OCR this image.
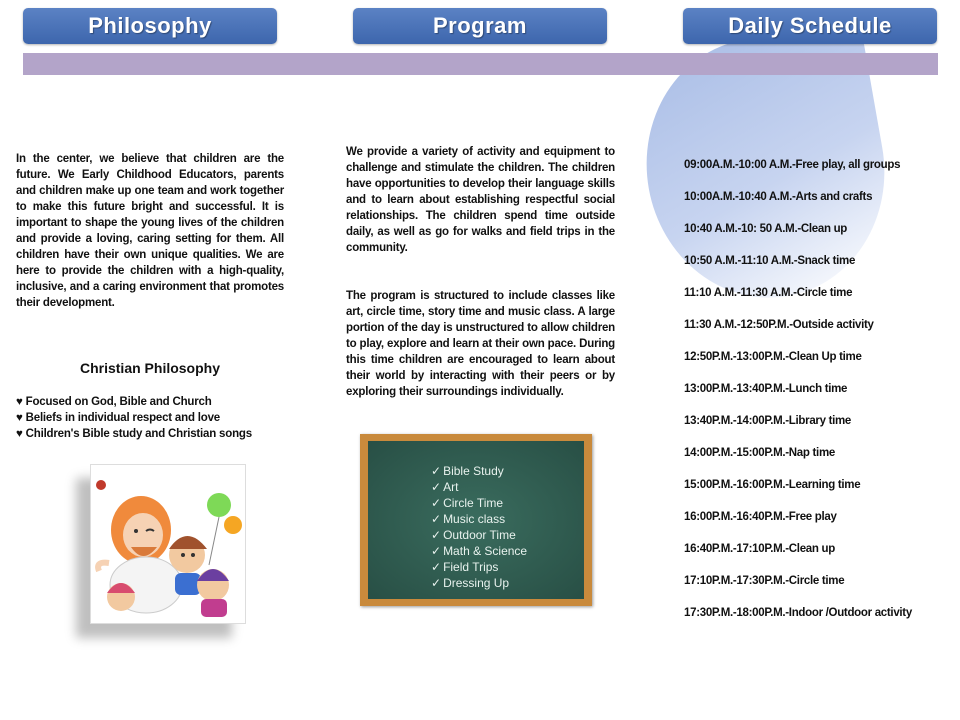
Philosophy	Program	Daily Schedule
In the center, we believe that children are the future. We Early Childhood Educators, parents and children make up one team and work together to make this future bright and successful. It is important to shape the young lives of the children and provide a loving, caring setting for them. All children have their own unique qualities. We are here to provide the children with a high-quality, inclusive, and a caring environment that promotes their development.
Christian Philosophy
♥ Focused on God, Bible and Church
♥ Beliefs in individual respect and love
♥ Children's Bible study and Christian songs
We provide a variety of activity and equipment to challenge and stimulate the children. The children have opportunities to develop their language skills and to learn about establishing respectful social relationships. The children spend time outside daily, as well as go for walks and field trips in the community.
The program is structured to include classes like art, circle time, story time and music class. A large portion of the day is unstructured to allow children to play, explore and learn at their own pace. During this time children are encouraged to learn about their world by interacting with their peers or by exploring their surroundings individually.
✓ Bible Study
✓ Art
✓ Circle Time
✓ Music class
✓ Outdoor Time
✓ Math & Science
✓ Field Trips
✓ Dressing Up
09:00A.M.-10:00 A.M.-Free play, all groups
10:00A.M.-10:40 A.M.-Arts and crafts
10:40 A.M.-10: 50 A.M.-Clean up
10:50 A.M.-11:10 A.M.-Snack time
11:10 A.M.-11:30 A.M.-Circle time
11:30 A.M.-12:50P.M.-Outside activity
12:50P.M.-13:00P.M.-Clean Up time
13:00P.M.-13:40P.M.-Lunch time
13:40P.M.-14:00P.M.-Library time
14:00P.M.-15:00P.M.-Nap time
15:00P.M.-16:00P.M.-Learning time
16:00P.M.-16:40P.M.-Free play
16:40P.M.-17:10P.M.-Clean up
17:10P.M.-17:30P.M.-Circle time
17:30P.M.-18:00P.M.-Indoor /Outdoor activity
